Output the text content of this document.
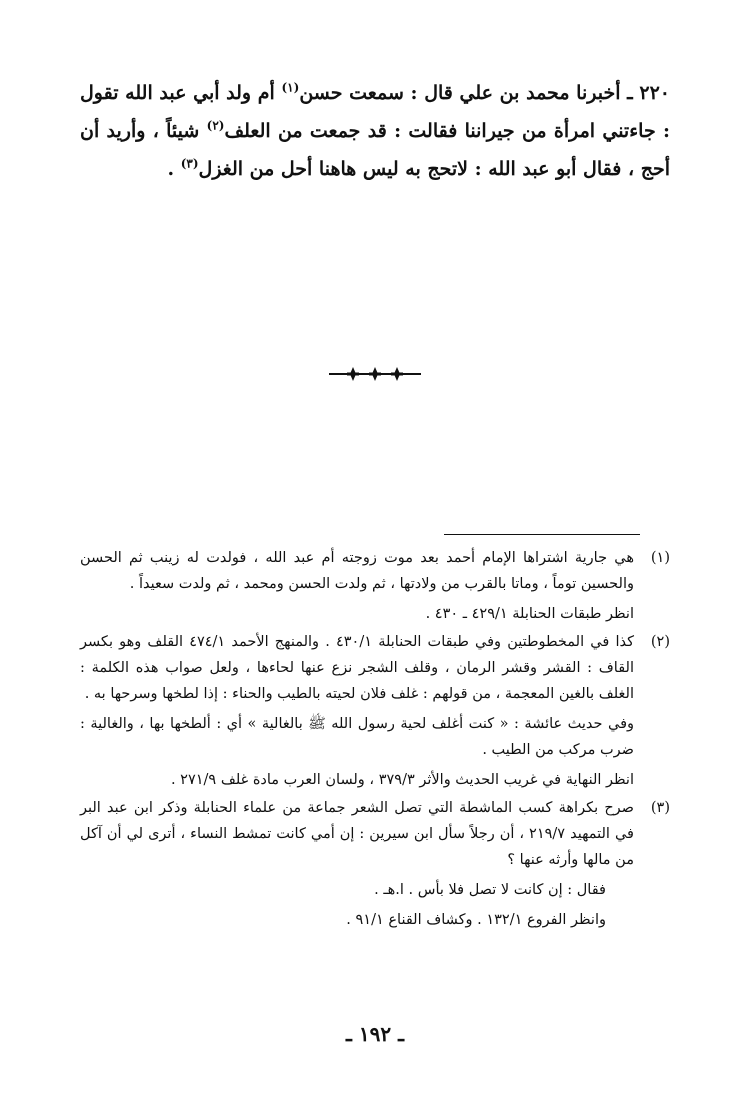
٢٢٠ ـ أخبرنا محمد بن علي قال : سمعت حسن$^{(١)}$ أم ولد أبي عبد الله تقول : جاءتني امرأة من جيراننا فقالت : قد جمعت من العلف$^{(٢)}$ شيئاً ، وأريد أن أحج ، فقال أبو عبد الله : لاتحج به ليس هاهنا أحل من الغزل$^{(٣)}$ .

(١)

هي جارية اشتراها الإمام أحمد بعد موت زوجته أم عبد الله ، فولدت له زينب ثم الحسن والحسين توماً ، وماتا بالقرب من ولادتها ، ثم ولدت الحسن ومحمد ، ثم ولدت سعيداً .

انظر طبقات الحنابلة ٤٢٩/١ ـ ٤٣٠ .

(٢)

كذا في المخطوطتين وفي طبقات الحنابلة ٤٣٠/١ . والمنهج الأحمد ٤٧٤/١ القلف وهو بكسر القاف : القشر وقشر الرمان ، وقلف الشجر نزع عنها لحاءها ، ولعل صواب هذه الكلمة : الغلف بالغين المعجمة ، من قولهم : غلف فلان لحيته بالطيب والحناء : إذا لطخها وسرحها به .

وفي حديث عائشة : « كنت أغلف لحية رسول الله ﷺ بالغالية » أي : ألطخها بها ، والغالية : ضرب مركب من الطيب .

انظر النهاية في غريب الحديث والأثر ٣٧٩/٣ ، ولسان العرب مادة غلف ٢٧١/٩ .

(٣)

صرح بكراهة كسب الماشطة التي تصل الشعر جماعة من علماء الحنابلة وذكر ابن عبد البر في التمهيد ٢١٩/٧ ، أن رجلاً سأل ابن سيرين : إن أمي كانت تمشط النساء ، أترى لي أن آكل من مالها وأرثه عنها ؟

فقال : إن كانت لا تصل فلا بأس . ا.هـ .

وانظر الفروع ١٣٢/١ . وكشاف القناع ٩١/١ .

ـ ١٩٢ ـ
